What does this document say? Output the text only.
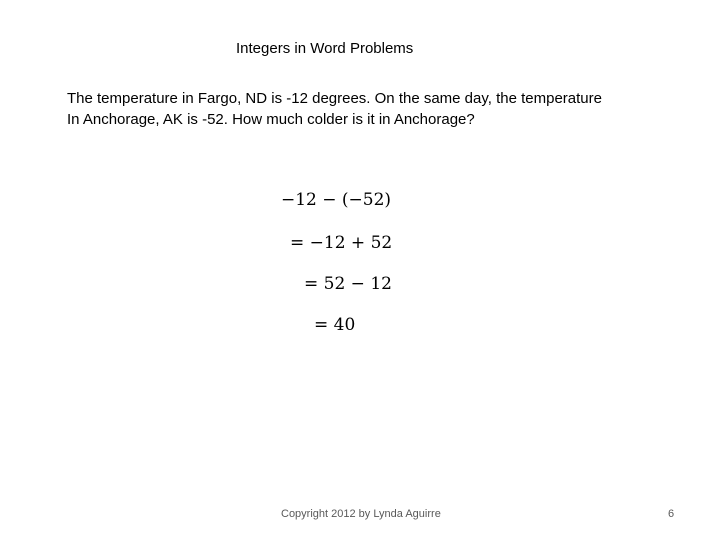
Integers in Word Problems
The temperature in Fargo, ND is -12 degrees. On the same day, the temperature
In Anchorage, AK is -52. How much colder is it in Anchorage?
−12 − (−52)
= −12 + 52
= 52 − 12
= 40
Copyright 2012 by Lynda Aguirre	6
